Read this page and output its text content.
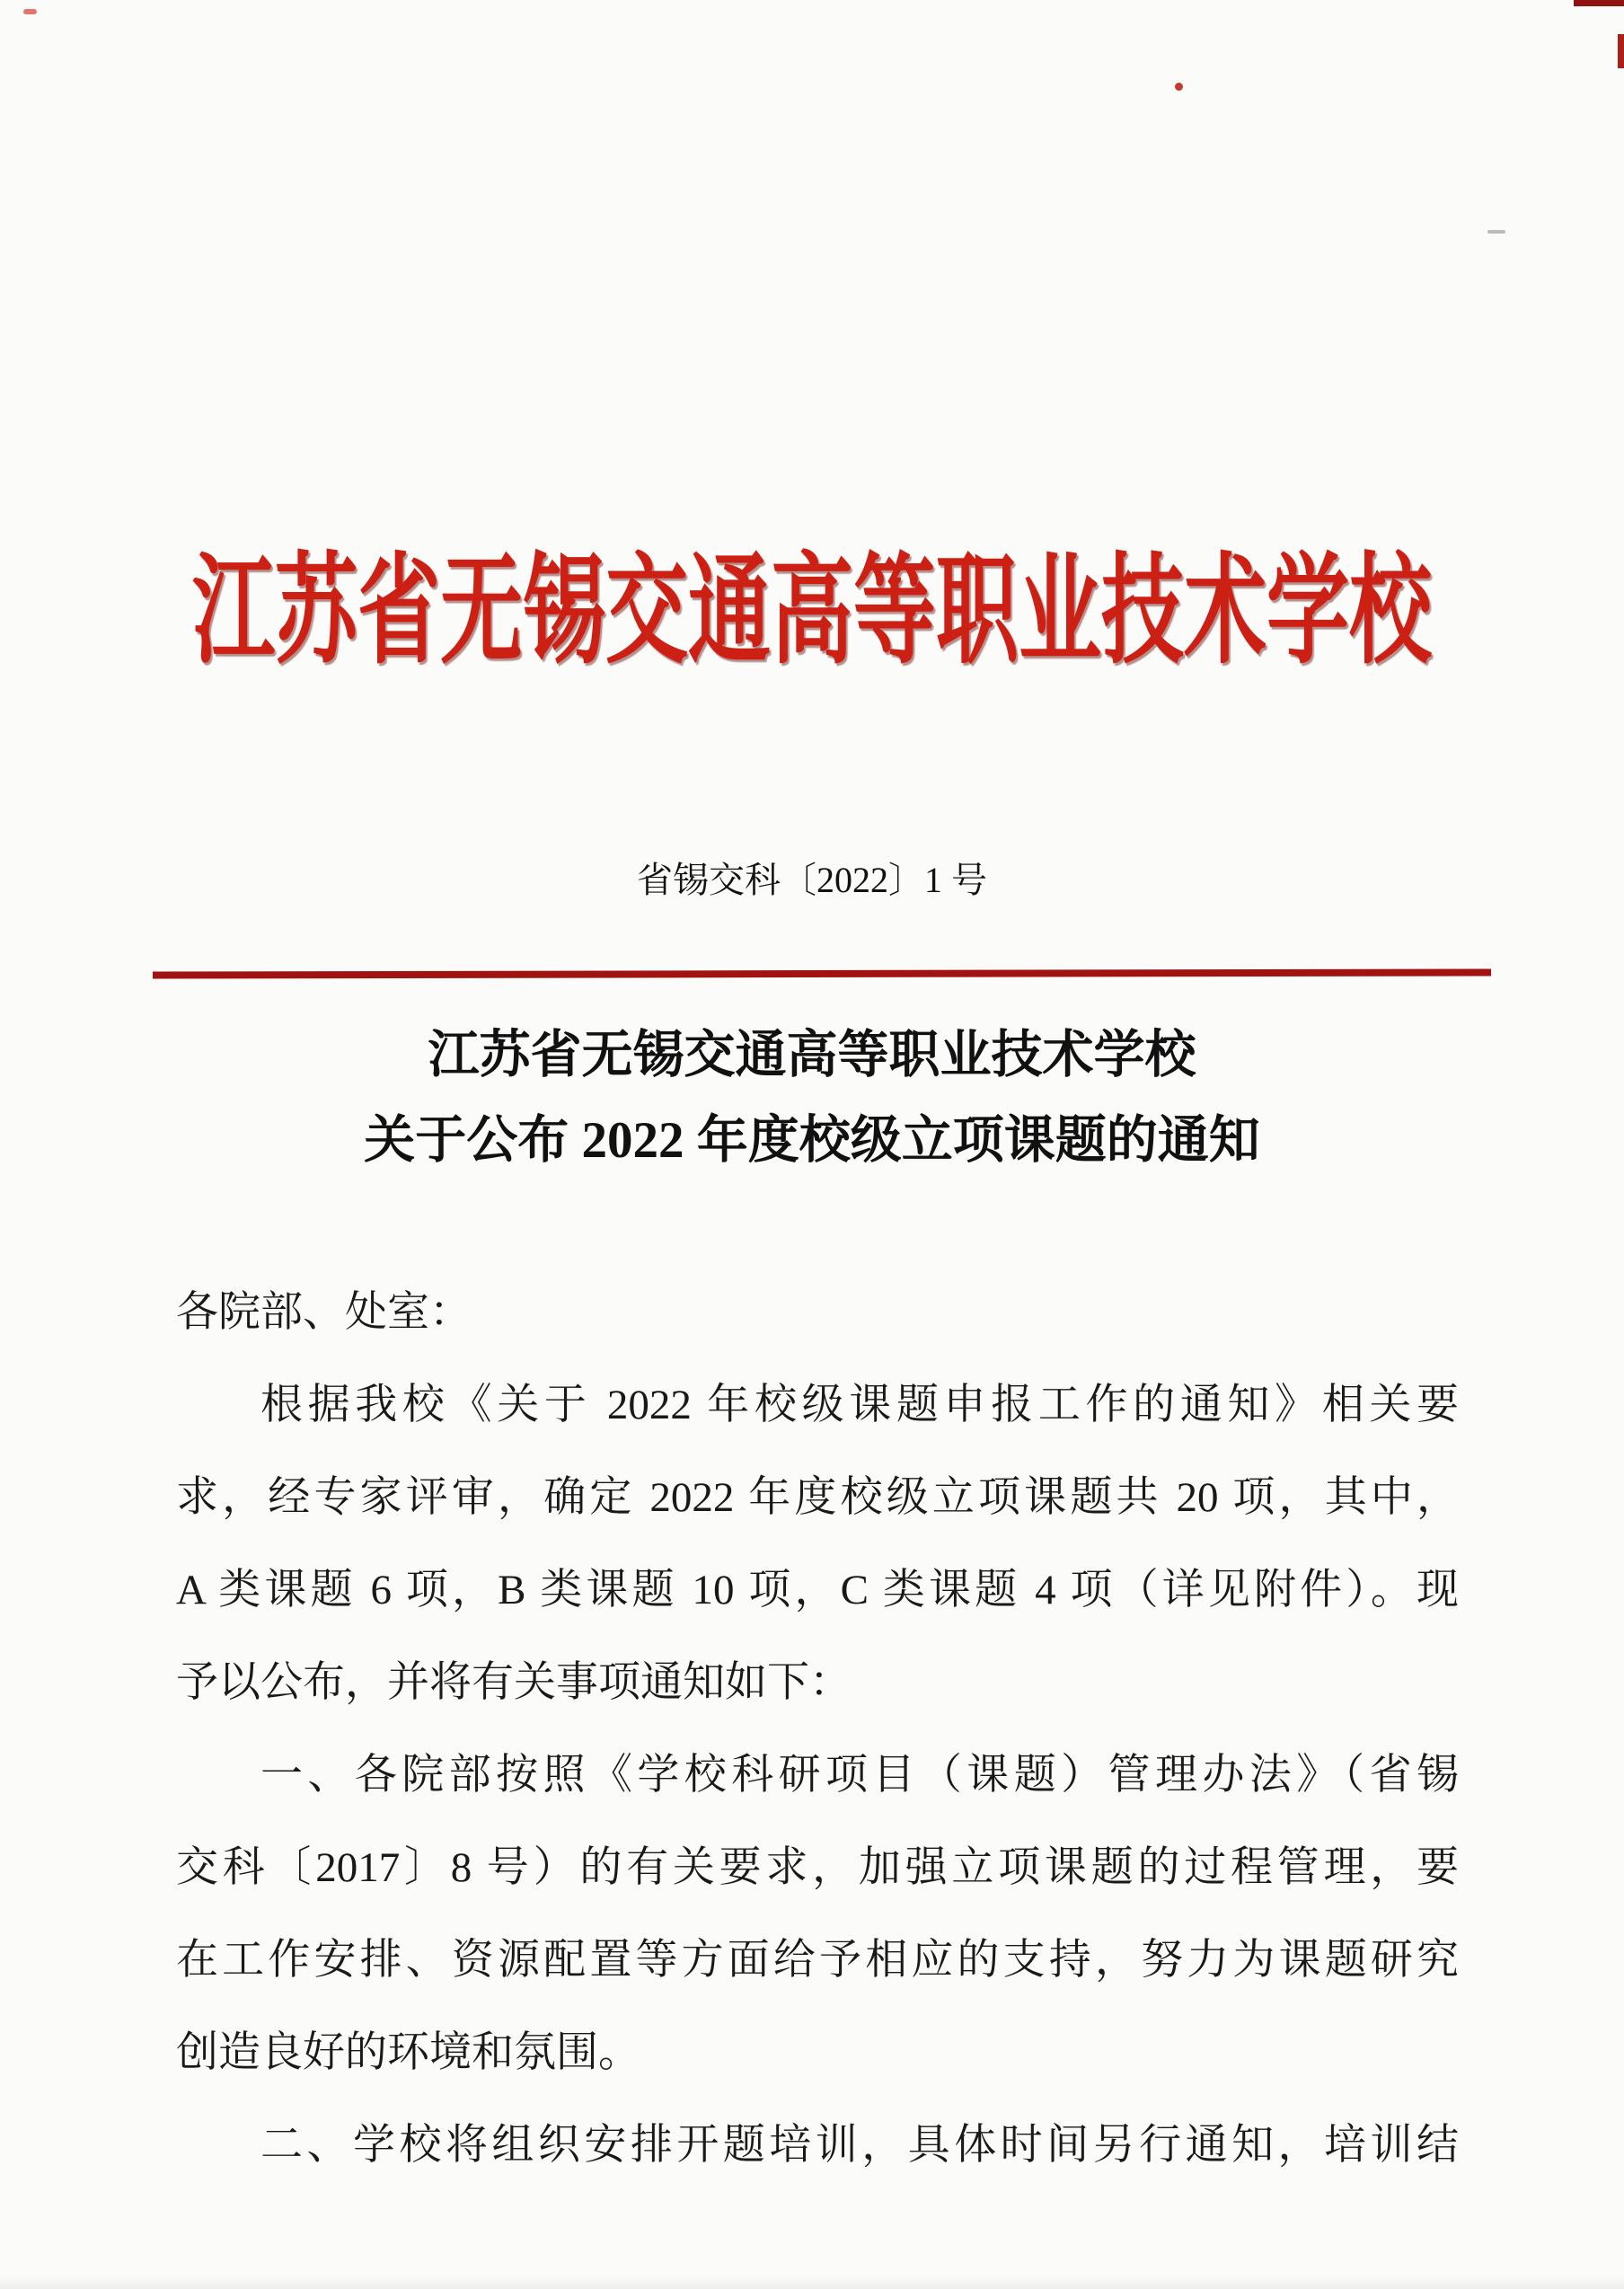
江苏省无锡交通高等职业技术学校
省锡交科〔2022〕1 号
江苏省无锡交通高等职业技术学校
关于公布 2022 年度校级立项课题的通知

各院部、处室：

根据我校《关于 2022 年校级课题申报工作的通知》相关要

求，经专家评审，确定 2022 年度校级立项课题共 20 项，其中，

A 类课题 6 项，B 类课题 10 项，C 类课题 4 项（详见附件）。现

予以公布，并将有关事项通知如下：

一、各院部按照《学校科研项目（课题）管理办法》（省锡

交科〔2017〕8 号）的有关要求，加强立项课题的过程管理，要

在工作安排、资源配置等方面给予相应的支持，努力为课题研究

创造良好的环境和氛围。

二、学校将组织安排开题培训，具体时间另行通知，培训结
